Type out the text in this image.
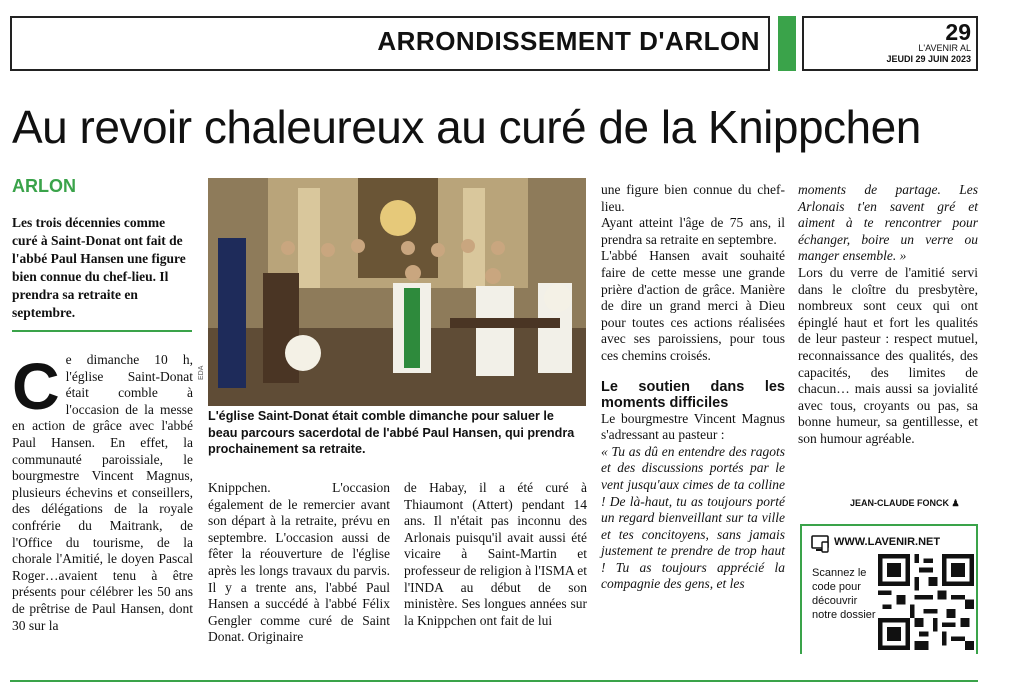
ARRONDISSEMENT D'ARLON	29
L'AVENIR AL
JEUDI 29 JUIN 2023
Au revoir chaleureux au curé de la Knippchen
ARLON
Les trois décennies comme curé à Saint-Donat ont fait de l'abbé Paul Hansen une figure bien connue du chef-lieu. Il prendra sa retraite en septembre.

Ce dimanche 10 h, l'église Saint-Donat était comble à l'occasion de la messe en action de grâce avec l'abbé Paul Hansen. En effet, la communauté paroissiale, le bourgmestre Vincent Magnus, plusieurs échevins et conseillers, des délégations de la royale confrérie du Maitrank, de l'Office du tourisme, de la chorale l'Amitié, le doyen Pascal Roger…avaient tenu à être présents pour célébrer les 50 ans de prêtrise de Paul Hansen, dont 30 sur la

EDA
L'église Saint-Donat était comble dimanche pour saluer le beau parcours sacerdotal de l'abbé Paul Hansen, qui prendra prochainement sa retraite.

Knippchen. L'occasion également de le remercier avant son départ à la retraite, prévu en septembre. L'occasion aussi de fêter la réouverture de l'église après les longs travaux du parvis. Il y a trente ans, l'abbé Paul Hansen a succédé à l'abbé Félix Gengler comme curé de Saint Donat. Originaire

de Habay, il a été curé à Thiaumont (Attert) pendant 14 ans. Il n'était pas inconnu des Arlonais puisqu'il avait aussi été vicaire à Saint-Martin et professeur de religion à l'ISMA et l'INDA au début de son ministère. Ses longues années sur la Knippchen ont fait de lui

une figure bien connue du chef-lieu.

Ayant atteint l'âge de 75 ans, il prendra sa retraite en septembre.

L'abbé Hansen avait souhaité faire de cette messe une grande prière d'action de grâce. Manière de dire un grand merci à Dieu pour toutes ces actions réalisées avec ses paroissiens, pour tous ces chemins croisés.

Le soutien dans les moments difficiles

Le bourgmestre Vincent Magnus s'adressant au pasteur :

« Tu as dû en entendre des ragots et des discussions portés par le vent jusqu'aux cimes de ta colline ! De là-haut, tu as toujours porté un regard bienveillant sur ta ville et tes concitoyens, sans jamais justement te prendre de trop haut ! Tu as toujours apprécié la compagnie des gens, et les

moments de partage. Les Arlonais t'en savent gré et aiment à te rencontrer pour échanger, boire un verre ou manger ensemble. »

Lors du verre de l'amitié servi dans le cloître du presbytère, nombreux sont ceux qui ont épinglé haut et fort les qualités de leur pasteur : respect mutuel, reconnaissance des qualités, des capacités, des limites de chacun… mais aussi sa jovialité avec tous, croyants ou pas, sa bonne humeur, sa gentillesse, et son humour agréable.

JEAN-CLAUDE FONCK ♟
WWW.LAVENIR.NET
Scannez le code pour découvrir notre dossier
